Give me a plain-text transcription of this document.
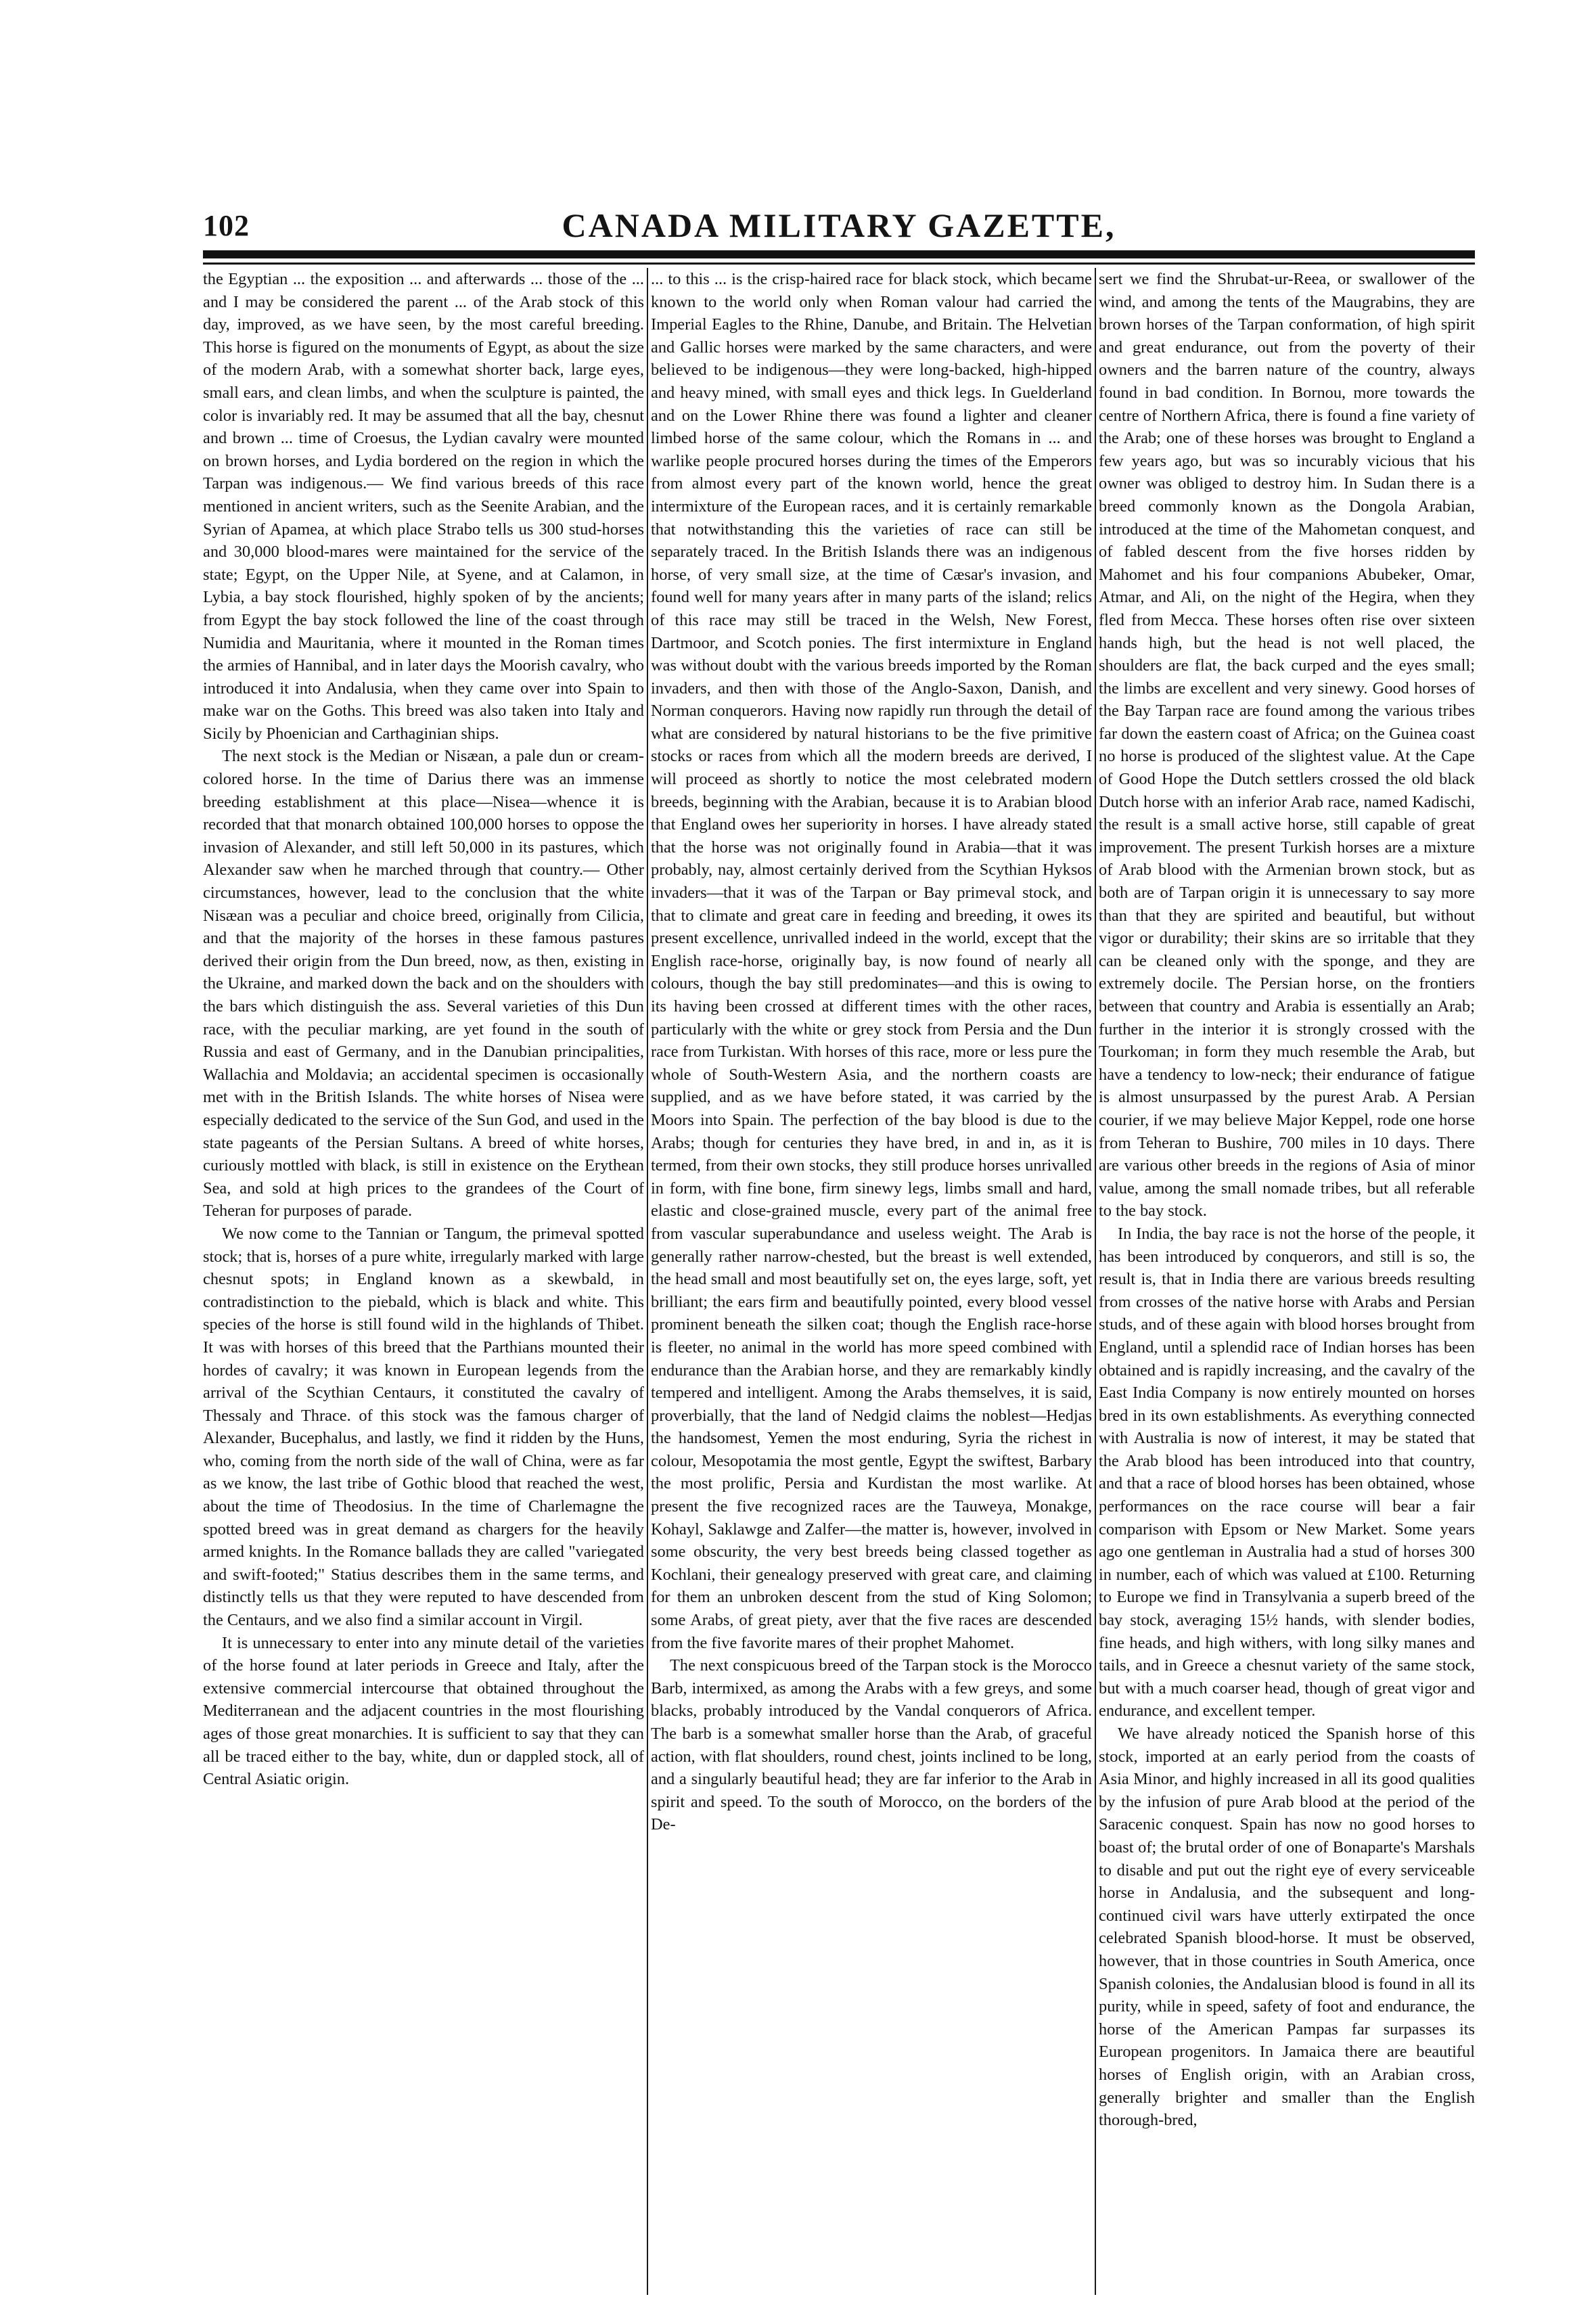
102	CANADA MILITARY GAZETTE,

the Egyptian ... the exposition ... and afterwards ... those of the ... and I may be considered the parent ... of the Arab stock of this day, improved, as we have seen, by the most careful breeding. This horse is figured on the monuments of Egypt, as about the size of the modern Arab, with a somewhat shorter back, large eyes, small ears, and clean limbs, and when the sculpture is painted, the color is invariably red. It may be assumed that all the bay, chesnut and brown ... time of Croesus, the Lydian cavalry were mounted on brown horses, and Lydia bordered on the region in which the Tarpan was indigenous.— We find various breeds of this race mentioned in ancient writers, such as the Seenite Arabian, and the Syrian of Apamea, at which place Strabo tells us 300 stud-horses and 30,000 blood-mares were maintained for the service of the state; Egypt, on the Upper Nile, at Syene, and at Calamon, in Lybia, a bay stock flourished, highly spoken of by the ancients; from Egypt the bay stock followed the line of the coast through Numidia and Mauritania, where it mounted in the Roman times the armies of Hannibal, and in later days the Moorish cavalry, who introduced it into Andalusia, when they came over into Spain to make war on the Goths. This breed was also taken into Italy and Sicily by Phoenician and Carthaginian ships.

The next stock is the Median or Nisæan, a pale dun or cream-colored horse. In the time of Darius there was an immense breeding establishment at this place—Nisea—whence it is recorded that that monarch obtained 100,000 horses to oppose the invasion of Alexander, and still left 50,000 in its pastures, which Alexander saw when he marched through that country.— Other circumstances, however, lead to the conclusion that the white Nisæan was a peculiar and choice breed, originally from Cilicia, and that the majority of the horses in these famous pastures derived their origin from the Dun breed, now, as then, existing in the Ukraine, and marked down the back and on the shoulders with the bars which distinguish the ass. Several varieties of this Dun race, with the peculiar marking, are yet found in the south of Russia and east of Germany, and in the Danubian principalities, Wallachia and Moldavia; an accidental specimen is occasionally met with in the British Islands. The white horses of Nisea were especially dedicated to the service of the Sun God, and used in the state pageants of the Persian Sultans. A breed of white horses, curiously mottled with black, is still in existence on the Erythean Sea, and sold at high prices to the grandees of the Court of Teheran for purposes of parade.

We now come to the Tannian or Tangum, the primeval spotted stock; that is, horses of a pure white, irregularly marked with large chesnut spots; in England known as a skewbald, in contradistinction to the piebald, which is black and white. This species of the horse is still found wild in the highlands of Thibet. It was with horses of this breed that the Parthians mounted their hordes of cavalry; it was known in European legends from the arrival of the Scythian Centaurs, it constituted the cavalry of Thessaly and Thrace. of this stock was the famous charger of Alexander, Bucephalus, and lastly, we find it ridden by the Huns, who, coming from the north side of the wall of China, were as far as we know, the last tribe of Gothic blood that reached the west, about the time of Theodosius. In the time of Charlemagne the spotted breed was in great demand as chargers for the heavily armed knights. In the Romance ballads they are called "variegated and swift-footed;" Statius describes them in the same terms, and distinctly tells us that they were reputed to have descended from the Centaurs, and we also find a similar account in Virgil.

It is unnecessary to enter into any minute detail of the varieties of the horse found at later periods in Greece and Italy, after the extensive commercial intercourse that obtained throughout the Mediterranean and the adjacent countries in the most flourishing ages of those great monarchies. It is sufficient to say that they can all be traced either to the bay, white, dun or dappled stock, all of Central Asiatic origin.

... to this ... is the crisp-haired race for black stock, which became known to the world only when Roman valour had carried the Imperial Eagles to the Rhine, Danube, and Britain. The Helvetian and Gallic horses were marked by the same characters, and were believed to be indigenous—they were long-backed, high-hipped and heavy mined, with small eyes and thick legs. In Guelderland and on the Lower Rhine there was found a lighter and cleaner limbed horse of the same colour, which the Romans in ... and warlike people procured horses during the times of the Emperors from almost every part of the known world, hence the great intermixture of the European races, and it is certainly remarkable that notwithstanding this the varieties of race can still be separately traced. In the British Islands there was an indigenous horse, of very small size, at the time of Cæsar's invasion, and found well for many years after in many parts of the island; relics of this race may still be traced in the Welsh, New Forest, Dartmoor, and Scotch ponies. The first intermixture in England was without doubt with the various breeds imported by the Roman invaders, and then with those of the Anglo-Saxon, Danish, and Norman conquerors. Having now rapidly run through the detail of what are considered by natural historians to be the five primitive stocks or races from which all the modern breeds are derived, I will proceed as shortly to notice the most celebrated modern breeds, beginning with the Arabian, because it is to Arabian blood that England owes her superiority in horses. I have already stated that the horse was not originally found in Arabia—that it was probably, nay, almost certainly derived from the Scythian Hyksos invaders—that it was of the Tarpan or Bay primeval stock, and that to climate and great care in feeding and breeding, it owes its present excellence, unrivalled indeed in the world, except that the English race-horse, originally bay, is now found of nearly all colours, though the bay still predominates—and this is owing to its having been crossed at different times with the other races, particularly with the white or grey stock from Persia and the Dun race from Turkistan. With horses of this race, more or less pure the whole of South-Western Asia, and the northern coasts are supplied, and as we have before stated, it was carried by the Moors into Spain. The perfection of the bay blood is due to the Arabs; though for centuries they have bred, in and in, as it is termed, from their own stocks, they still produce horses unrivalled in form, with fine bone, firm sinewy legs, limbs small and hard, elastic and close-grained muscle, every part of the animal free from vascular superabundance and useless weight. The Arab is generally rather narrow-chested, but the breast is well extended, the head small and most beautifully set on, the eyes large, soft, yet brilliant; the ears firm and beautifully pointed, every blood vessel prominent beneath the silken coat; though the English race-horse is fleeter, no animal in the world has more speed combined with endurance than the Arabian horse, and they are remarkably kindly tempered and intelligent. Among the Arabs themselves, it is said, proverbially, that the land of Nedgid claims the noblest—Hedjas the handsomest, Yemen the most enduring, Syria the richest in colour, Mesopotamia the most gentle, Egypt the swiftest, Barbary the most prolific, Persia and Kurdistan the most warlike. At present the five recognized races are the Tauweya, Monakge, Kohayl, Saklawge and Zalfer—the matter is, however, involved in some obscurity, the very best breeds being classed together as Kochlani, their genealogy preserved with great care, and claiming for them an unbroken descent from the stud of King Solomon; some Arabs, of great piety, aver that the five races are descended from the five favorite mares of their prophet Mahomet.

The next conspicuous breed of the Tarpan stock is the Morocco Barb, intermixed, as among the Arabs with a few greys, and some blacks, probably introduced by the Vandal conquerors of Africa. The barb is a somewhat smaller horse than the Arab, of graceful action, with flat shoulders, round chest, joints inclined to be long, and a singularly beautiful head; they are far inferior to the Arab in spirit and speed. To the south of Morocco, on the borders of the De-

sert we find the Shrubat-ur-Reea, or swallower of the wind, and among the tents of the Maugrabins, they are brown horses of the Tarpan conformation, of high spirit and great endurance, out from the poverty of their owners and the barren nature of the country, always found in bad condition. In Bornou, more towards the centre of Northern Africa, there is found a fine variety of the Arab; one of these horses was brought to England a few years ago, but was so incurably vicious that his owner was obliged to destroy him. In Sudan there is a breed commonly known as the Dongola Arabian, introduced at the time of the Mahometan conquest, and of fabled descent from the five horses ridden by Mahomet and his four companions Abubeker, Omar, Atmar, and Ali, on the night of the Hegira, when they fled from Mecca. These horses often rise over sixteen hands high, but the head is not well placed, the shoulders are flat, the back curped and the eyes small; the limbs are excellent and very sinewy. Good horses of the Bay Tarpan race are found among the various tribes far down the eastern coast of Africa; on the Guinea coast no horse is produced of the slightest value. At the Cape of Good Hope the Dutch settlers crossed the old black Dutch horse with an inferior Arab race, named Kadischi, the result is a small active horse, still capable of great improvement. The present Turkish horses are a mixture of Arab blood with the Armenian brown stock, but as both are of Tarpan origin it is unnecessary to say more than that they are spirited and beautiful, but without vigor or durability; their skins are so irritable that they can be cleaned only with the sponge, and they are extremely docile. The Persian horse, on the frontiers between that country and Arabia is essentially an Arab; further in the interior it is strongly crossed with the Tourkoman; in form they much resemble the Arab, but have a tendency to low-neck; their endurance of fatigue is almost unsurpassed by the purest Arab. A Persian courier, if we may believe Major Keppel, rode one horse from Teheran to Bushire, 700 miles in 10 days. There are various other breeds in the regions of Asia of minor value, among the small nomade tribes, but all referable to the bay stock.

In India, the bay race is not the horse of the people, it has been introduced by conquerors, and still is so, the result is, that in India there are various breeds resulting from crosses of the native horse with Arabs and Persian studs, and of these again with blood horses brought from England, until a splendid race of Indian horses has been obtained and is rapidly increasing, and the cavalry of the East India Company is now entirely mounted on horses bred in its own establishments. As everything connected with Australia is now of interest, it may be stated that the Arab blood has been introduced into that country, and that a race of blood horses has been obtained, whose performances on the race course will bear a fair comparison with Epsom or New Market. Some years ago one gentleman in Australia had a stud of horses 300 in number, each of which was valued at £100. Returning to Europe we find in Transylvania a superb breed of the bay stock, averaging 15½ hands, with slender bodies, fine heads, and high withers, with long silky manes and tails, and in Greece a chesnut variety of the same stock, but with a much coarser head, though of great vigor and endurance, and excellent temper.

We have already noticed the Spanish horse of this stock, imported at an early period from the coasts of Asia Minor, and highly increased in all its good qualities by the infusion of pure Arab blood at the period of the Saracenic conquest. Spain has now no good horses to boast of; the brutal order of one of Bonaparte's Marshals to disable and put out the right eye of every serviceable horse in Andalusia, and the subsequent and long-continued civil wars have utterly extirpated the once celebrated Spanish blood-horse. It must be observed, however, that in those countries in South America, once Spanish colonies, the Andalusian blood is found in all its purity, while in speed, safety of foot and endurance, the horse of the American Pampas far surpasses its European progenitors. In Jamaica there are beautiful horses of English origin, with an Arabian cross, generally brighter and smaller than the English thorough-bred,
